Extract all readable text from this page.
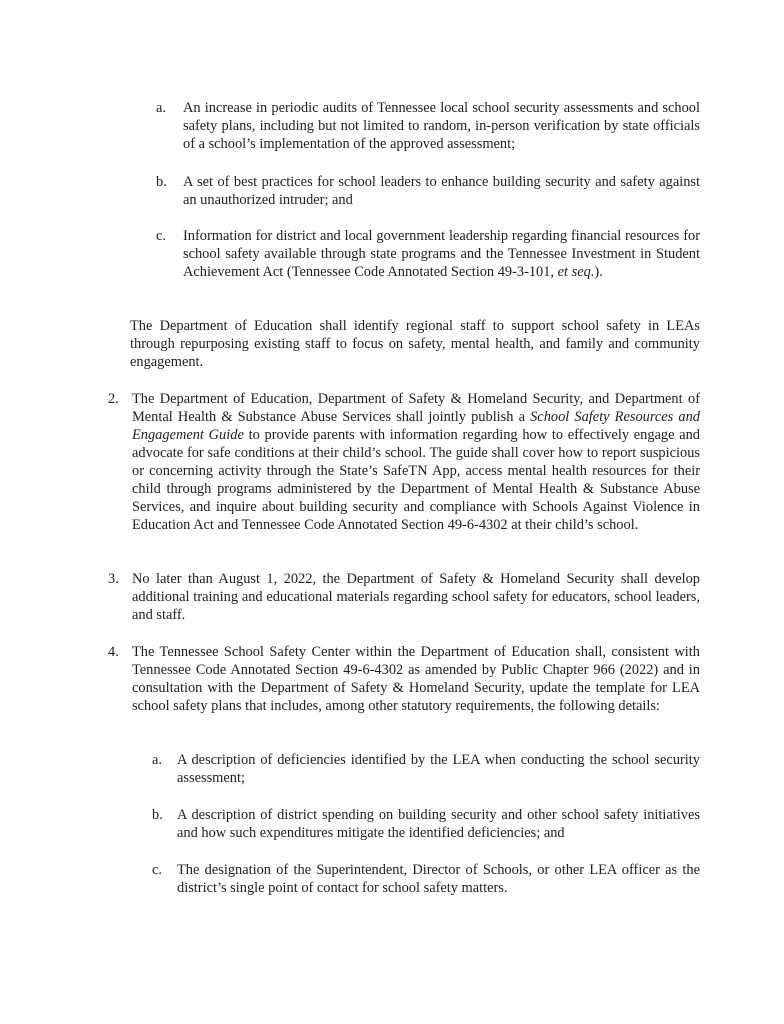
a. An increase in periodic audits of Tennessee local school security assessments and school safety plans, including but not limited to random, in-person verification by state officials of a school’s implementation of the approved assessment;
b. A set of best practices for school leaders to enhance building security and safety against an unauthorized intruder; and
c. Information for district and local government leadership regarding financial resources for school safety available through state programs and the Tennessee Investment in Student Achievement Act (Tennessee Code Annotated Section 49-3-101, et seq.).
The Department of Education shall identify regional staff to support school safety in LEAs through repurposing existing staff to focus on safety, mental health, and family and community engagement.
2. The Department of Education, Department of Safety & Homeland Security, and Department of Mental Health & Substance Abuse Services shall jointly publish a School Safety Resources and Engagement Guide to provide parents with information regarding how to effectively engage and advocate for safe conditions at their child’s school. The guide shall cover how to report suspicious or concerning activity through the State’s SafeTN App, access mental health resources for their child through programs administered by the Department of Mental Health & Substance Abuse Services, and inquire about building security and compliance with Schools Against Violence in Education Act and Tennessee Code Annotated Section 49-6-4302 at their child’s school.
3. No later than August 1, 2022, the Department of Safety & Homeland Security shall develop additional training and educational materials regarding school safety for educators, school leaders, and staff.
4. The Tennessee School Safety Center within the Department of Education shall, consistent with Tennessee Code Annotated Section 49-6-4302 as amended by Public Chapter 966 (2022) and in consultation with the Department of Safety & Homeland Security, update the template for LEA school safety plans that includes, among other statutory requirements, the following details:
a. A description of deficiencies identified by the LEA when conducting the school security assessment;
b. A description of district spending on building security and other school safety initiatives and how such expenditures mitigate the identified deficiencies; and
c. The designation of the Superintendent, Director of Schools, or other LEA officer as the district’s single point of contact for school safety matters.
